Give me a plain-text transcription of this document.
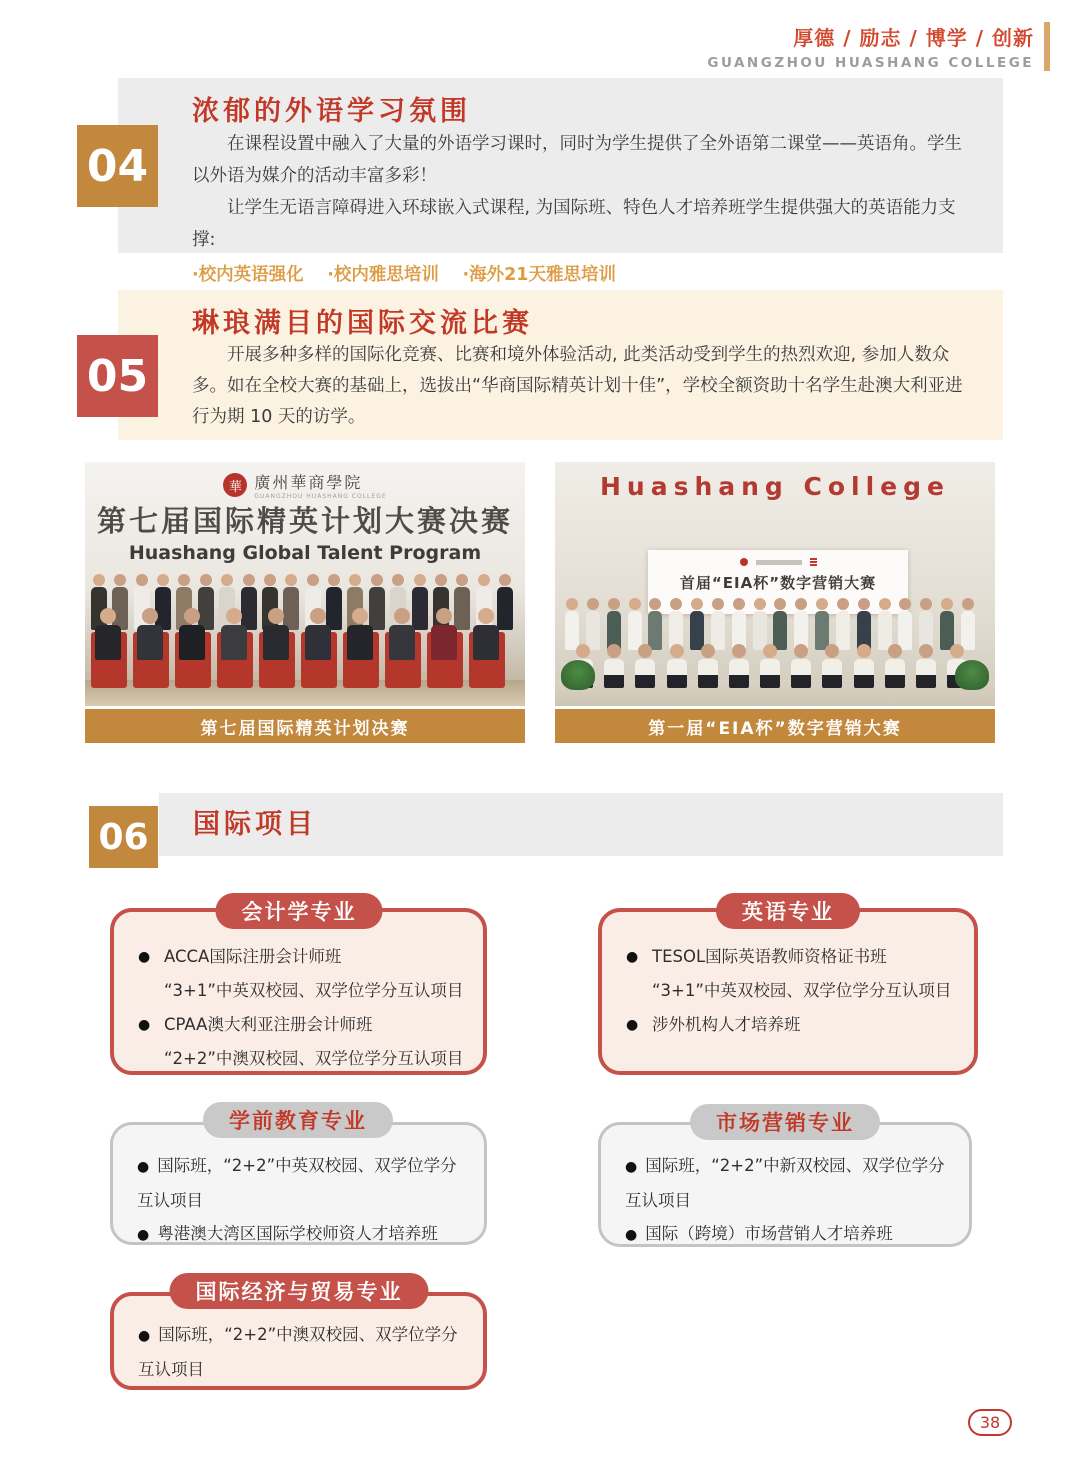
厚德 / 励志 / 博学 / 创新
GUANGZHOU HUASHANG COLLEGE
浓郁的外语学习氛围

在课程设置中融入了大量的外语学习课时，同时为学生提供了全外语第二课堂——英语角。学生以外语为媒介的活动丰富多彩！

让学生无语言障碍进入环球嵌入式课程, 为国际班、特色人才培养班学生提供强大的英语能力支撑:

·校内英语强化　 ·校内雅思培训　 ·海外21天雅思培训
04
琳琅满目的国际交流比赛

开展多种多样的国际化竞赛、比赛和境外体验活动, 此类活动受到学生的热烈欢迎, 参加人数众多。如在全校大赛的基础上，选拔出“华商国际精英计划十佳”，学校全额资助十名学生赴澳大利亚进行为期 10 天的访学。

05
華 廣州華商學院
GUANGZHOU HUASHANG COLLEGE
第七届国际精英计划大赛决赛
Huashang Global Talent Program
第七届国际精英计划决赛
Huashang College
首届“EIA杯”数字营销大赛
第一届“EIA杯”数字营销大赛
国际项目
06
● ACCA国际注册会计师班
“3+1”中英双校园、双学位学分互认项目
● CPAA澳大利亚注册会计师班
“2+2”中澳双校园、双学位学分互认项目
会计学专业
● TESOL国际英语教师资格证书班
“3+1”中英双校园、双学位学分互认项目
● 涉外机构人才培养班
英语专业
● 国际班，“2+2”中英双校园、双学位学分互认项目
● 粤港澳大湾区国际学校师资人才培养班
学前教育专业
● 国际班，“2+2”中新双校园、双学位学分互认项目
● 国际（跨境）市场营销人才培养班
市场营销专业
● 国际班，“2+2”中澳双校园、双学位学分互认项目
国际经济与贸易专业
38
